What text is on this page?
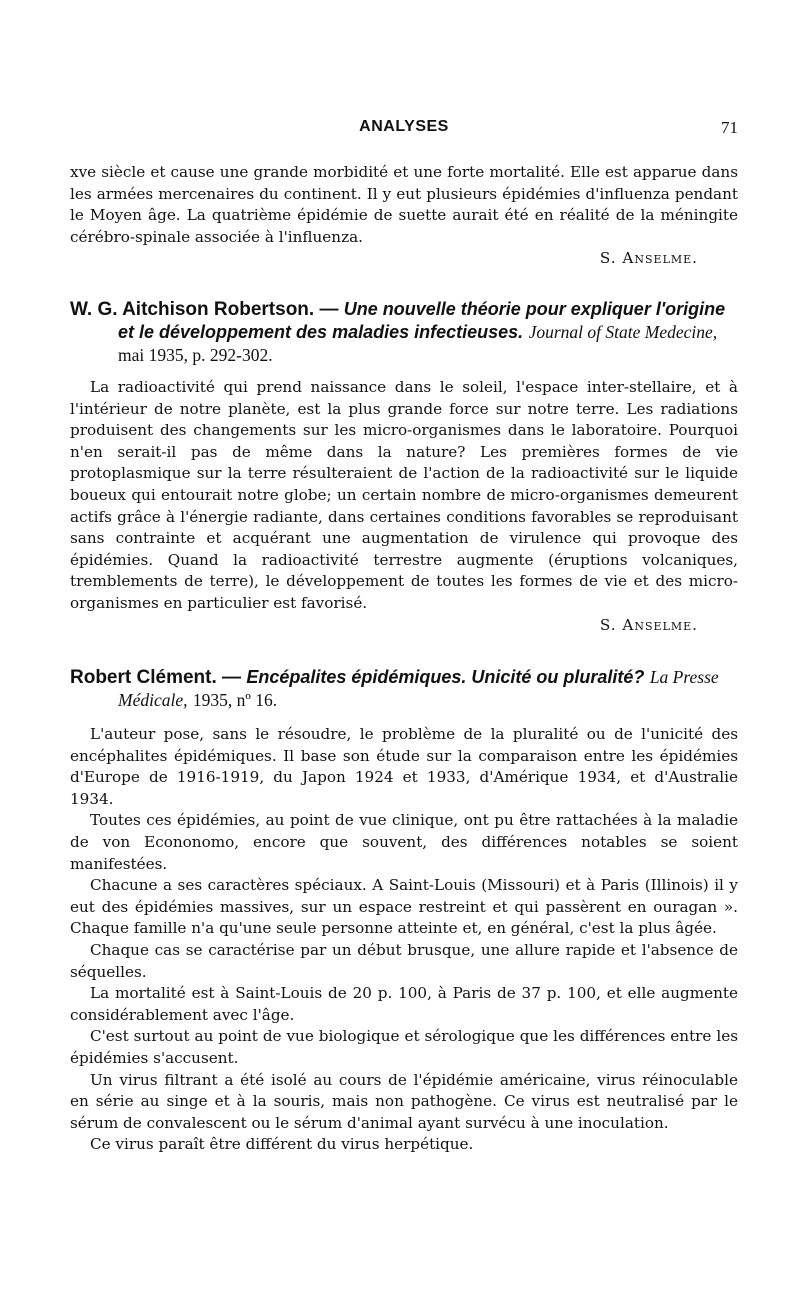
ANALYSES	71

xve siècle et cause une grande morbidité et une forte mortalité. Elle est apparue dans les armées mercenaires du continent. Il y eut plusieurs épidémies d'influenza pendant le Moyen âge. La quatrième épidémie de suette aurait été en réalité de la méningite cérébro-spinale associée à l'influenza.

S. Anselme.

W. G. Aitchison Robertson. — Une nouvelle théorie pour expliquer l'origine et le développement des maladies infectieuses. Journal of State Medecine, mai 1935, p. 292-302.

La radioactivité qui prend naissance dans le soleil, l'espace inter-stellaire, et à l'intérieur de notre planète, est la plus grande force sur notre terre. Les radiations produisent des changements sur les micro-organismes dans le laboratoire. Pourquoi n'en serait-il pas de même dans la nature? Les premières formes de vie protoplasmique sur la terre résulteraient de l'action de la radioactivité sur le liquide boueux qui entourait notre globe; un certain nombre de micro-organismes demeurent actifs grâce à l'énergie radiante, dans certaines conditions favorables se reproduisant sans contrainte et acquérant une augmentation de virulence qui provoque des épidémies. Quand la radioactivité terrestre augmente (éruptions volcaniques, tremblements de terre), le développement de toutes les formes de vie et des micro-organismes en particulier est favorisé.

S. Anselme.

Robert Clément. — Encépalites épidémiques. Unicité ou pluralité? La Presse Médicale, 1935, nº 16.

L'auteur pose, sans le résoudre, le problème de la pluralité ou de l'unicité des encéphalites épidémiques. Il base son étude sur la comparaison entre les épidémies d'Europe de 1916-1919, du Japon 1924 et 1933, d'Amérique 1934, et d'Australie 1934.

Toutes ces épidémies, au point de vue clinique, ont pu être rattachées à la maladie de von Econonomo, encore que souvent, des différences notables se soient manifestées.

Chacune a ses caractères spéciaux. A Saint-Louis (Missouri) et à Paris (Illinois) il y eut des épidémies massives, sur un espace restreint et qui passèrent en ouragan ». Chaque famille n'a qu'une seule personne atteinte et, en général, c'est la plus âgée.

Chaque cas se caractérise par un début brusque, une allure rapide et l'absence de séquelles.

La mortalité est à Saint-Louis de 20 p. 100, à Paris de 37 p. 100, et elle augmente considérablement avec l'âge.

C'est surtout au point de vue biologique et sérologique que les différences entre les épidémies s'accusent.

Un virus filtrant a été isolé au cours de l'épidémie américaine, virus réinoculable en série au singe et à la souris, mais non pathogène. Ce virus est neutralisé par le sérum de convalescent ou le sérum d'animal ayant survécu à une inoculation.

Ce virus paraît être différent du virus herpétique.
